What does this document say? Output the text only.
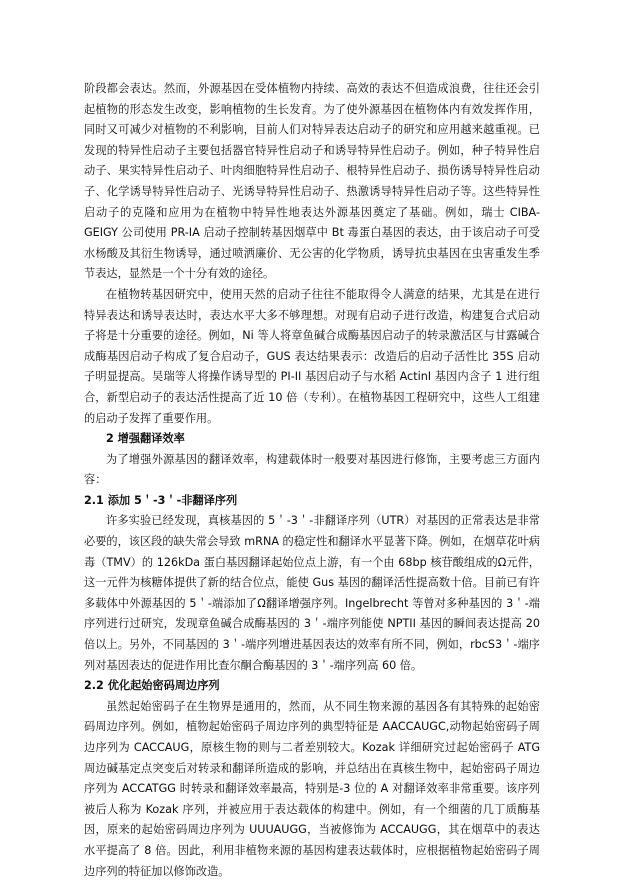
阶段都会表达。然而，外源基因在受体植物内持续、高效的表达不但造成浪费，往往还会引起植物的形态发生改变，影响植物的生长发育。为了使外源基因在植物体内有效发挥作用，同时又可减少对植物的不利影响，目前人们对特异表达启动子的研究和应用越来越重视。已发现的特异性启动子主要包括器官特异性启动子和诱导特异性启动子。例如，种子特异性启动子、果实特异性启动子、叶肉细胞特异性启动子、根特异性启动子、损伤诱导特异性启动子、化学诱导特异性启动子、光诱导特异性启动子、热激诱导特异性启动子等。这些特异性启动子的克隆和应用为在植物中特异性地表达外源基因奠定了基础。例如，瑞士 CIBA-GEIGY 公司使用 PR-IA 启动子控制转基因烟草中 Bt 毒蛋白基因的表达，由于该启动子可受水杨酸及其衍生物诱导，通过喷洒廉价、无公害的化学物质，诱导抗虫基因在虫害重发生季节表达，显然是一个十分有效的途径。

在植物转基因研究中，使用天然的启动子往往不能取得令人满意的结果，尤其是在进行特异表达和诱导表达时，表达水平大多不够理想。对现有启动子进行改造，构建复合式启动子将是十分重要的途径。例如，Ni 等人将章鱼碱合成酶基因启动子的转录激活区与甘露碱合成酶基因启动子构成了复合启动子，GUS 表达结果表示：改造后的启动子活性比 35S 启动子明显提高。吴瑞等人将操作诱导型的 PI-II 基因启动子与水稻 ActinI 基因内含子 1 进行组合，新型启动子的表达活性提高了近 10 倍（专利）。在植物基因工程研究中，这些人工组建的启动子发挥了重要作用。

2 增强翻译效率

为了增强外源基因的翻译效率，构建载体时一般要对基因进行修饰，主要考虑三方面内容：

2.1 添加 5＇-3＇-非翻译序列

许多实验已经发现，真核基因的 5＇-3＇-非翻译序列（UTR）对基因的正常表达是非常必要的，该区段的缺失常会导致 mRNA 的稳定性和翻译水平显著下降。例如，在烟草花叶病毒（TMV）的 126kDa 蛋白基因翻译起始位点上游，有一个由 68bp 核苷酸组成的Ω元件，这一元件为核糖体提供了新的结合位点，能使 Gus 基因的翻译活性提高数十倍。目前已有许多载体中外源基因的 5＇-端添加了Ω翻译增强序列。Ingelbrecht 等曾对多种基因的 3＇-端序列进行过研究，发现章鱼碱合成酶基因的 3＇-端序列能使 NPTII 基因的瞬间表达提高 20 倍以上。另外，不同基因的 3＇-端序列增进基因表达的效率有所不同，例如，rbcS3＇-端序列对基因表达的促进作用比查尔酮合酶基因的 3＇-端序列高 60 倍。

2.2 优化起始密码周边序列

虽然起始密码子在生物界是通用的，然而，从不同生物来源的基因各有其特殊的起始密码周边序列。例如，植物起始密码子周边序列的典型特征是 AACCAUGC,动物起始密码子周边序列为 CACCAUG，原核生物的则与二者差别较大。Kozak 详细研究过起始密码子 ATG 周边碱基定点突变后对转录和翻译所造成的影响，并总结出在真核生物中，起始密码子周边序列为 ACCATGG 时转录和翻译效率最高，特别是-3 位的 A 对翻译效率非常重要。该序列被后人称为 Kozak 序列，并被应用于表达载体的构建中。例如，有一个细菌的几丁质酶基因，原来的起始密码周边序列为 UUUAUGG，当被修饰为 ACCAUGG，其在烟草中的表达水平提高了 8 倍。因此，利用非植物来源的基因构建表达载体时，应根据植物起始密码子周边序列的特征加以修饰改造。
